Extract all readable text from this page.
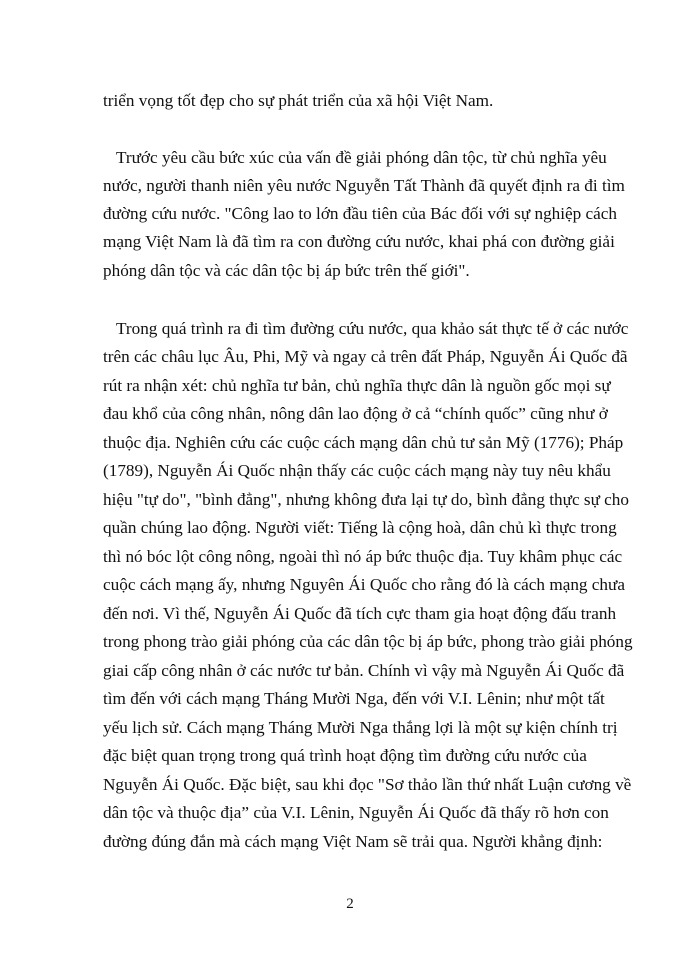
triển vọng tốt đẹp cho sự phát triển của xã hội Việt Nam.

Trước yêu cầu bức xúc của vấn đề giải phóng dân tộc, từ chủ nghĩa yêu

nước, người thanh niên yêu nước Nguyễn Tất Thành đã quyết định ra đi tìm

đường cứu nước. "Công lao to lớn đầu tiên của Bác đối với sự nghiệp cách

mạng Việt Nam là đã tìm ra con đường cứu nước, khai phá con đường giải

phóng dân tộc và các dân tộc bị áp bức trên thế giới".

Trong quá trình ra đi tìm đường cứu nước, qua khảo sát thực tế ở các nước

trên các châu lục Âu, Phi, Mỹ và ngay cả trên đất Pháp, Nguyễn Ái Quốc đã

rút ra nhận xét: chủ nghĩa tư bản, chủ nghĩa thực dân là nguồn gốc mọi sự

đau khổ của công nhân, nông dân lao động ở cả “chính quốc” cũng như ở

thuộc địa. Nghiên cứu các cuộc cách mạng dân chủ tư sản Mỹ (1776); Pháp

(1789), Nguyễn Ái Quốc nhận thấy các cuộc cách mạng này tuy nêu khẩu

hiệu "tự do", "bình đẳng", nhưng không đưa lại tự do, bình đẳng thực sự cho

quần chúng lao động. Người viết: Tiếng là cộng hoà, dân chủ kì thực trong

thì nó bóc lột công nông, ngoài thì nó áp bức thuộc địa. Tuy khâm phục các

cuộc cách mạng ấy, nhưng Nguyên Ái Quốc cho rằng đó là cách mạng chưa

đến nơi. Vì thế, Nguyễn Ái Quốc đã tích cực tham gia hoạt động đấu tranh

trong phong trào giải phóng của các dân tộc bị áp bức, phong trào giải phóng

giai cấp công nhân ở các nước tư bản. Chính vì vậy mà Nguyễn Ái Quốc đã

tìm đến với cách mạng Tháng Mười Nga, đến với V.I. Lênin; như một tất

yếu lịch sử. Cách mạng Tháng Mười Nga thắng lợi là một sự kiện chính trị

đặc biệt quan trọng trong quá trình hoạt động tìm đường cứu nước của

Nguyễn Ái Quốc. Đặc biệt, sau khi đọc "Sơ thảo lần thứ nhất Luận cương về

dân tộc và thuộc địa” của V.I. Lênin, Nguyễn Ái Quốc đã thấy rõ hơn con

đường đúng đắn mà cách mạng Việt Nam sẽ trải qua. Người khẳng định:

2
